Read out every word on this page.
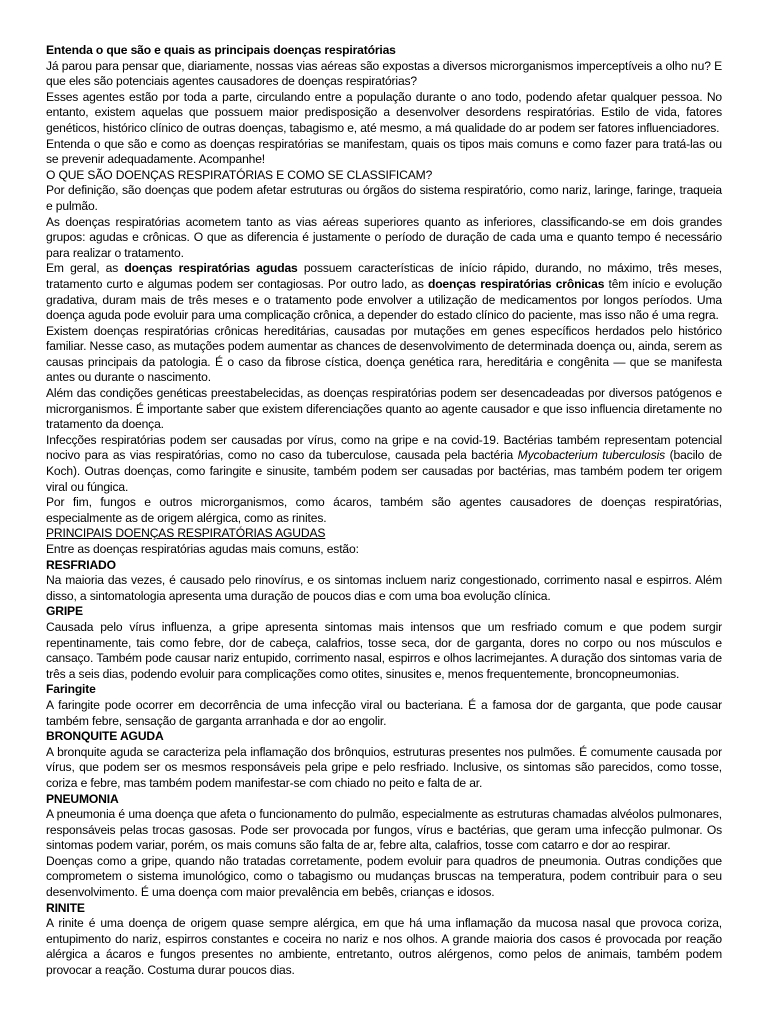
Entenda o que são e quais as principais doenças respiratórias

Já parou para pensar que, diariamente, nossas vias aéreas são expostas a diversos microrganismos imperceptíveis a olho nu? E que eles são potenciais agentes causadores de doenças respiratórias?

Esses agentes estão por toda a parte, circulando entre a população durante o ano todo, podendo afetar qualquer pessoa. No entanto, existem aquelas que possuem maior predisposição a desenvolver desordens respiratórias. Estilo de vida, fatores genéticos, histórico clínico de outras doenças, tabagismo e, até mesmo, a má qualidade do ar podem ser fatores influenciadores.

Entenda o que são e como as doenças respiratórias se manifestam, quais os tipos mais comuns e como fazer para tratá-las ou se prevenir adequadamente. Acompanhe!

O QUE SÃO DOENÇAS RESPIRATÓRIAS E COMO SE CLASSIFICAM?

Por definição, são doenças que podem afetar estruturas ou órgãos do sistema respiratório, como nariz, laringe, faringe, traqueia e pulmão.

As doenças respiratórias acometem tanto as vias aéreas superiores quanto as inferiores, classificando-se em dois grandes grupos: agudas e crônicas. O que as diferencia é justamente o período de duração de cada uma e quanto tempo é necessário para realizar o tratamento.

Em geral, as doenças respiratórias agudas possuem características de início rápido, durando, no máximo, três meses, tratamento curto e algumas podem ser contagiosas. Por outro lado, as doenças respiratórias crônicas têm início e evolução gradativa, duram mais de três meses e o tratamento pode envolver a utilização de medicamentos por longos períodos. Uma doença aguda pode evoluir para uma complicação crônica, a depender do estado clínico do paciente, mas isso não é uma regra.

Existem doenças respiratórias crônicas hereditárias, causadas por mutações em genes específicos herdados pelo histórico familiar. Nesse caso, as mutações podem aumentar as chances de desenvolvimento de determinada doença ou, ainda, serem as causas principais da patologia. É o caso da fibrose cística, doença genética rara, hereditária e congênita — que se manifesta antes ou durante o nascimento.

Além das condições genéticas preestabelecidas, as doenças respiratórias podem ser desencadeadas por diversos patógenos e microrganismos. É importante saber que existem diferenciações quanto ao agente causador e que isso influencia diretamente no tratamento da doença.

Infecções respiratórias podem ser causadas por vírus, como na gripe e na covid-19. Bactérias também representam potencial nocivo para as vias respiratórias, como no caso da tuberculose, causada pela bactéria Mycobacterium tuberculosis (bacilo de Koch). Outras doenças, como faringite e sinusite, também podem ser causadas por bactérias, mas também podem ter origem viral ou fúngica.

Por fim, fungos e outros microrganismos, como ácaros, também são agentes causadores de doenças respiratórias, especialmente as de origem alérgica, como as rinites.

PRINCIPAIS DOENÇAS RESPIRATÓRIAS AGUDAS

Entre as doenças respiratórias agudas mais comuns, estão:

RESFRIADO

Na maioria das vezes, é causado pelo rinovírus, e os sintomas incluem nariz congestionado, corrimento nasal e espirros. Além disso, a sintomatologia apresenta uma duração de poucos dias e com uma boa evolução clínica.

GRIPE

Causada pelo vírus influenza, a gripe apresenta sintomas mais intensos que um resfriado comum e que podem surgir repentinamente, tais como febre, dor de cabeça, calafrios, tosse seca, dor de garganta, dores no corpo ou nos músculos e cansaço. Também pode causar nariz entupido, corrimento nasal, espirros e olhos lacrimejantes. A duração dos sintomas varia de três a seis dias, podendo evoluir para complicações como otites, sinusites e, menos frequentemente, broncopneumonias.

Faringite

A faringite pode ocorrer em decorrência de uma infecção viral ou bacteriana. É a famosa dor de garganta, que pode causar também febre, sensação de garganta arranhada e dor ao engolir.

BRONQUITE AGUDA

A bronquite aguda se caracteriza pela inflamação dos brônquios, estruturas presentes nos pulmões. É comumente causada por vírus, que podem ser os mesmos responsáveis pela gripe e pelo resfriado. Inclusive, os sintomas são parecidos, como tosse, coriza e febre, mas também podem manifestar-se com chiado no peito e falta de ar.

PNEUMONIA

A pneumonia é uma doença que afeta o funcionamento do pulmão, especialmente as estruturas chamadas alvéolos pulmonares, responsáveis pelas trocas gasosas. Pode ser provocada por fungos, vírus e bactérias, que geram uma infecção pulmonar. Os sintomas podem variar, porém, os mais comuns são falta de ar, febre alta, calafrios, tosse com catarro e dor ao respirar.

Doenças como a gripe, quando não tratadas corretamente, podem evoluir para quadros de pneumonia. Outras condições que comprometem o sistema imunológico, como o tabagismo ou mudanças bruscas na temperatura, podem contribuir para o seu desenvolvimento. É uma doença com maior prevalência em bebês, crianças e idosos.

RINITE

A rinite é uma doença de origem quase sempre alérgica, em que há uma inflamação da mucosa nasal que provoca coriza, entupimento do nariz, espirros constantes e coceira no nariz e nos olhos. A grande maioria dos casos é provocada por reação alérgica a ácaros e fungos presentes no ambiente, entretanto, outros alérgenos, como pelos de animais, também podem provocar a reação. Costuma durar poucos dias.
